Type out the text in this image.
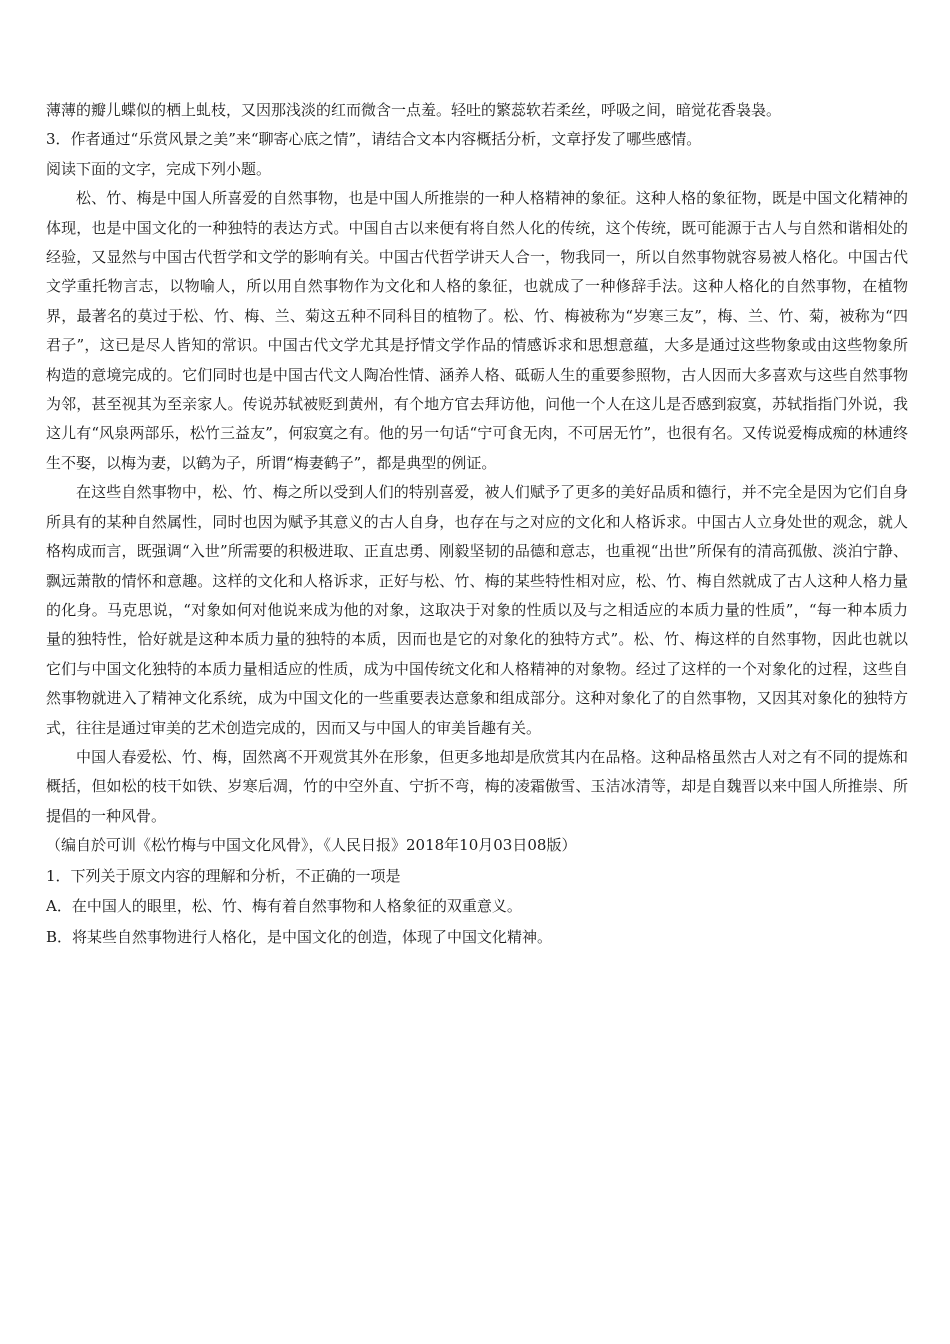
薄薄的瓣儿蝶似的栖上虬枝，又因那浅淡的红而微含一点羞。轻吐的繁蕊软若柔丝，呼吸之间，暗觉花香袅袅。
3．作者通过“乐赏风景之美”来“聊寄心底之情”，请结合文本内容概括分析，文章抒发了哪些感情。
阅读下面的文字，完成下列小题。

松、竹、梅是中国人所喜爱的自然事物，也是中国人所推崇的一种人格精神的象征。这种人格的象征物，既是中国文化精神的体现，也是中国文化的一种独特的表达方式。中国自古以来便有将自然人化的传统，这个传统，既可能源于古人与自然和谐相处的经验，又显然与中国古代哲学和文学的影响有关。中国古代哲学讲天人合一，物我同一，所以自然事物就容易被人格化。中国古代文学重托物言志，以物喻人，所以用自然事物作为文化和人格的象征，也就成了一种修辞手法。这种人格化的自然事物，在植物界，最著名的莫过于松、竹、梅、兰、菊这五种不同科目的植物了。松、竹、梅被称为“岁寒三友”，梅、兰、竹、菊，被称为“四君子”，这已是尽人皆知的常识。中国古代文学尤其是抒情文学作品的情感诉求和思想意蕴，大多是通过这些物象或由这些物象所构造的意境完成的。它们同时也是中国古代文人陶冶性情、涵养人格、砥砺人生的重要参照物，古人因而大多喜欢与这些自然事物为邻，甚至视其为至亲家人。传说苏轼被贬到黄州，有个地方官去拜访他，问他一个人在这儿是否感到寂寞，苏轼指指门外说，我这儿有“风泉两部乐，松竹三益友”，何寂寞之有。他的另一句话“宁可食无肉，不可居无竹”，也很有名。又传说爱梅成痴的林逋终生不娶，以梅为妻，以鹤为子，所谓“梅妻鹤子”，都是典型的例证。

在这些自然事物中，松、竹、梅之所以受到人们的特别喜爱，被人们赋予了更多的美好品质和德行，并不完全是因为它们自身所具有的某种自然属性，同时也因为赋予其意义的古人自身，也存在与之对应的文化和人格诉求。中国古人立身处世的观念，就人格构成而言，既强调“入世”所需要的积极进取、正直忠勇、刚毅坚韧的品德和意志，也重视“出世”所保有的清高孤傲、淡泊宁静、飘远萧散的情怀和意趣。这样的文化和人格诉求，正好与松、竹、梅的某些特性相对应，松、竹、梅自然就成了古人这种人格力量的化身。马克思说，“对象如何对他说来成为他的对象，这取决于对象的性质以及与之相适应的本质力量的性质”，“每一种本质力量的独特性，恰好就是这种本质力量的独特的本质，因而也是它的对象化的独特方式”。松、竹、梅这样的自然事物，因此也就以它们与中国文化独特的本质力量相适应的性质，成为中国传统文化和人格精神的对象物。经过了这样的一个对象化的过程，这些自然事物就进入了精神文化系统，成为中国文化的一些重要表达意象和组成部分。这种对象化了的自然事物，又因其对象化的独特方式，往往是通过审美的艺术创造完成的，因而又与中国人的审美旨趣有关。

中国人春爱松、竹、梅，固然离不开观赏其外在形象，但更多地却是欣赏其内在品格。这种品格虽然古人对之有不同的提炼和概括，但如松的枝干如铁、岁寒后凋，竹的中空外直、宁折不弯，梅的凌霜傲雪、玉洁冰清等，却是自魏晋以来中国人所推崇、所提倡的一种风骨。

（编自於可训《松竹梅与中国文化风骨》，《人民日报》2018年10月03日08版）
1．下列关于原文内容的理解和分析，不正确的一项是
A．在中国人的眼里，松、竹、梅有着自然事物和人格象征的双重意义。
B．将某些自然事物进行人格化，是中国文化的创造，体现了中国文化精神。
